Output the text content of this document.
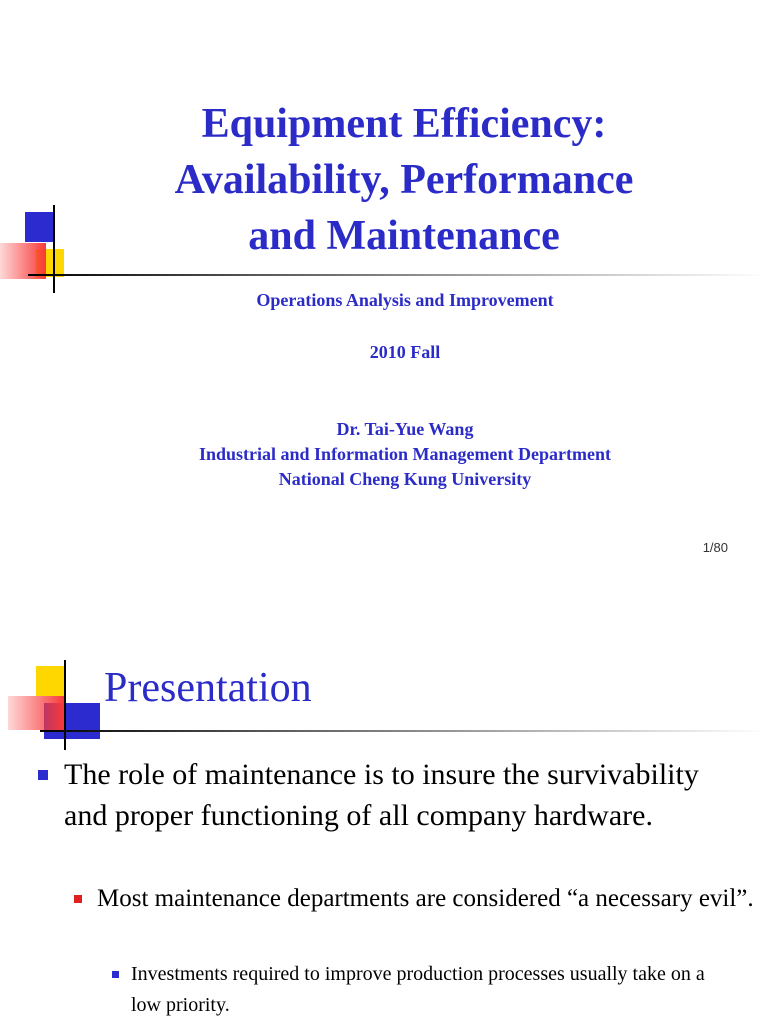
Equipment Efficiency:
Availability, Performance
and Maintenance
Operations Analysis and Improvement
2010 Fall
Dr. Tai-Yue Wang
Industrial and Information Management Department
National Cheng Kung University
1/80
Presentation
The role of maintenance is to insure the survivability and proper functioning of all company hardware.
Most maintenance departments are considered “a necessary evil”.
Investments required to improve production processes usually take on a low priority.
